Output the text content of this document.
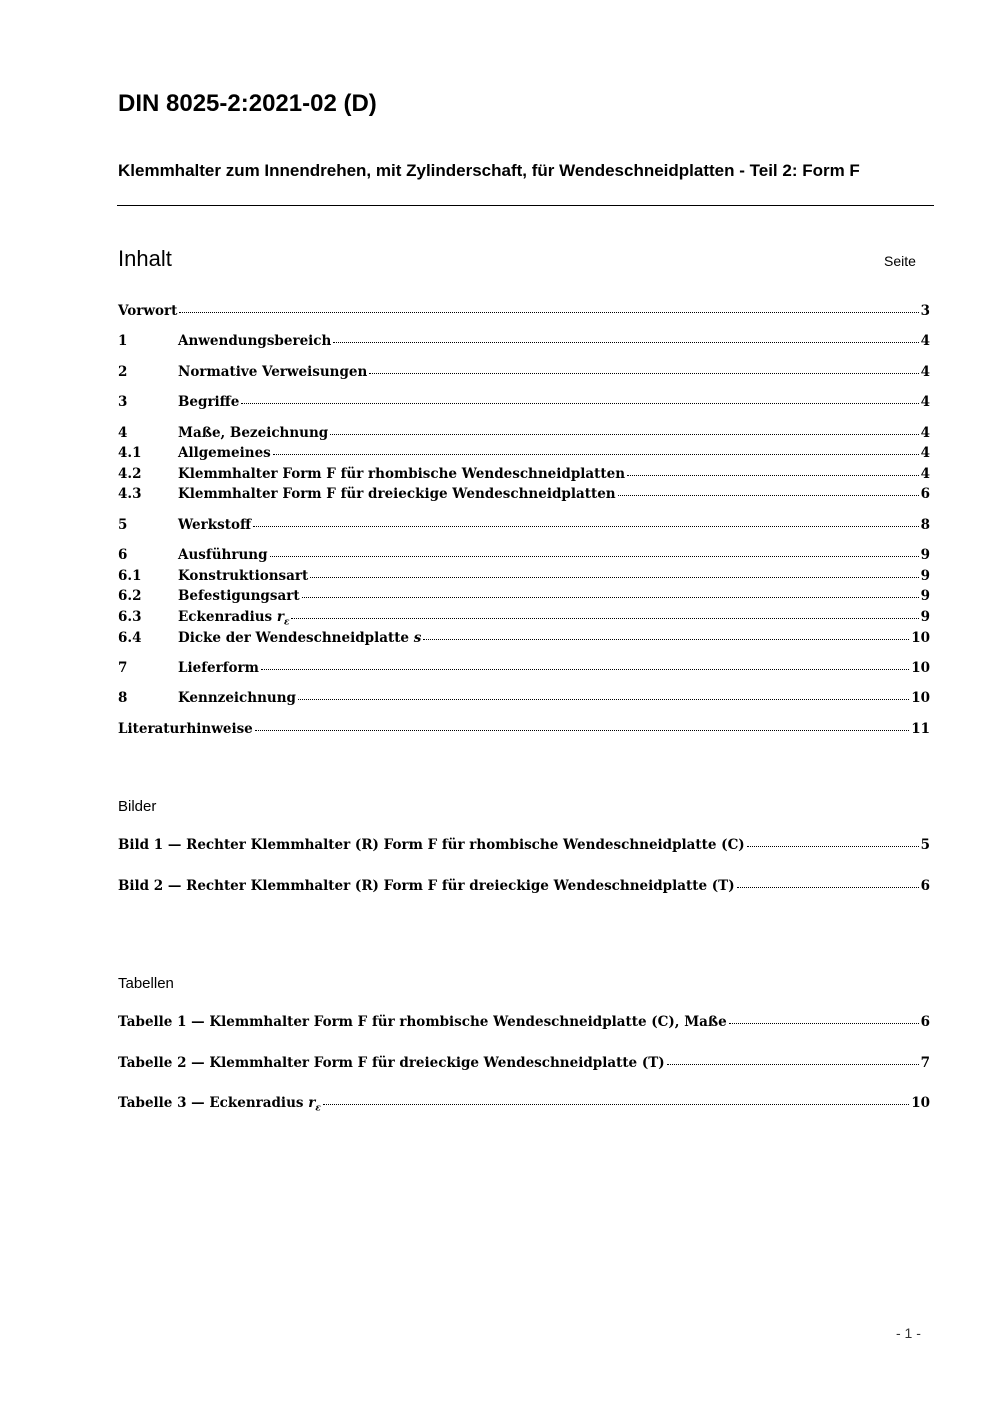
DIN 8025-2:2021-02 (D)
Klemmhalter zum Innendrehen, mit Zylinderschaft, für Wendeschneidplatten - Teil 2: Form F
Inhalt	Seite
Vorwort	3
1	Anwendungsbereich	4
2	Normative Verweisungen	4
3	Begriffe	4
4	Maße, Bezeichnung	4
4.1	Allgemeines	4
4.2	Klemmhalter Form F für rhombische Wendeschneidplatten	4
4.3	Klemmhalter Form F für dreieckige Wendeschneidplatten	6
5	Werkstoff	8
6	Ausführung	9
6.1	Konstruktionsart	9
6.2	Befestigungsart	9
6.3	Eckenradius $r_\varepsilon$	9
6.4	Dicke der Wendeschneidplatte s	10
7	Lieferform	10
8	Kennzeichnung	10
Literaturhinweise	11
Bilder
Bild 1 — Rechter Klemmhalter (R) Form F für rhombische Wendeschneidplatte (C)	5
Bild 2 — Rechter Klemmhalter (R) Form F für dreieckige Wendeschneidplatte (T)	6
Tabellen
Tabelle 1 — Klemmhalter Form F für rhombische Wendeschneidplatte (C), Maße	6
Tabelle 2 — Klemmhalter Form F für dreieckige Wendeschneidplatte (T)	7
Tabelle 3 — Eckenradius $r_\varepsilon$	10
- 1 -
